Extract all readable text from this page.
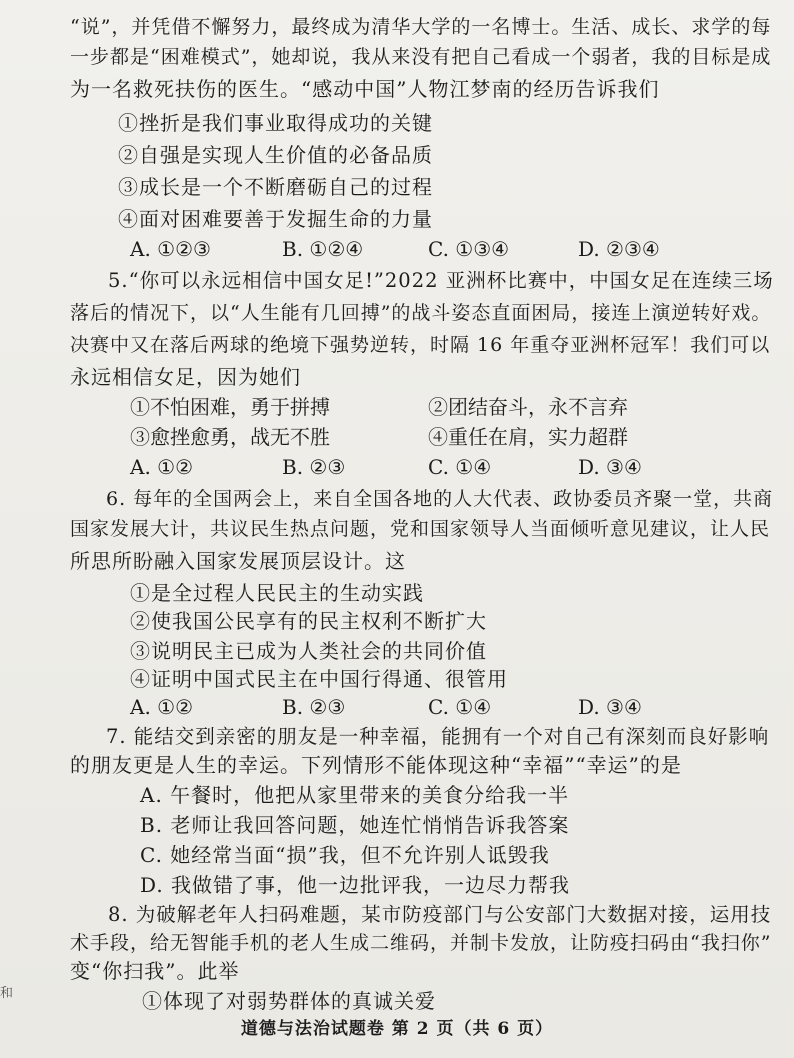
“说”，并凭借不懈努力，最终成为清华大学的一名博士。生活、成长、求学的每
一步都是“困难模式”，她却说，我从来没有把自己看成一个弱者，我的目标是成
为一名救死扶伤的医生。“感动中国”人物江梦南的经历告诉我们
①挫折是我们事业取得成功的关键
②自强是实现人生价值的必备品质
③成长是一个不断磨砺自己的过程
④面对困难要善于发掘生命的力量
A. ①②③	B. ①②④	C. ①③④	D. ②③④
5.“你可以永远相信中国女足!”2022 亚洲杯比赛中，中国女足在连续三场
落后的情况下，以“人生能有几回搏”的战斗姿态直面困局，接连上演逆转好戏。
决赛中又在落后两球的绝境下强势逆转，时隔 16 年重夺亚洲杯冠军！我们可以
永远相信女足，因为她们
①不怕困难，勇于拼搏	②团结奋斗，永不言弃
③愈挫愈勇，战无不胜	④重任在肩，实力超群
A. ①②	B. ②③	C. ①④	D. ③④
6. 每年的全国两会上，来自全国各地的人大代表、政协委员齐聚一堂，共商
国家发展大计，共议民生热点问题，党和国家领导人当面倾听意见建议，让人民
所思所盼融入国家发展顶层设计。这
①是全过程人民民主的生动实践
②使我国公民享有的民主权利不断扩大
③说明民主已成为人类社会的共同价值
④证明中国式民主在中国行得通、很管用
A. ①②	B. ②③	C. ①④	D. ③④
7. 能结交到亲密的朋友是一种幸福，能拥有一个对自己有深刻而良好影响
的朋友更是人生的幸运。下列情形不能体现这种“幸福”“幸运”的是
A. 午餐时，他把从家里带来的美食分给我一半
B. 老师让我回答问题，她连忙悄悄告诉我答案
C. 她经常当面“损”我，但不允许别人诋毁我
D. 我做错了事，他一边批评我，一边尽力帮我
8. 为破解老年人扫码难题，某市防疫部门与公安部门大数据对接，运用技
术手段，给无智能手机的老人生成二维码，并制卡发放，让防疫扫码由“我扫你”
变“你扫我”。此举
①体现了对弱势群体的真诚关爱
和
道德与法治试题卷 第 2 页（共 6 页）
